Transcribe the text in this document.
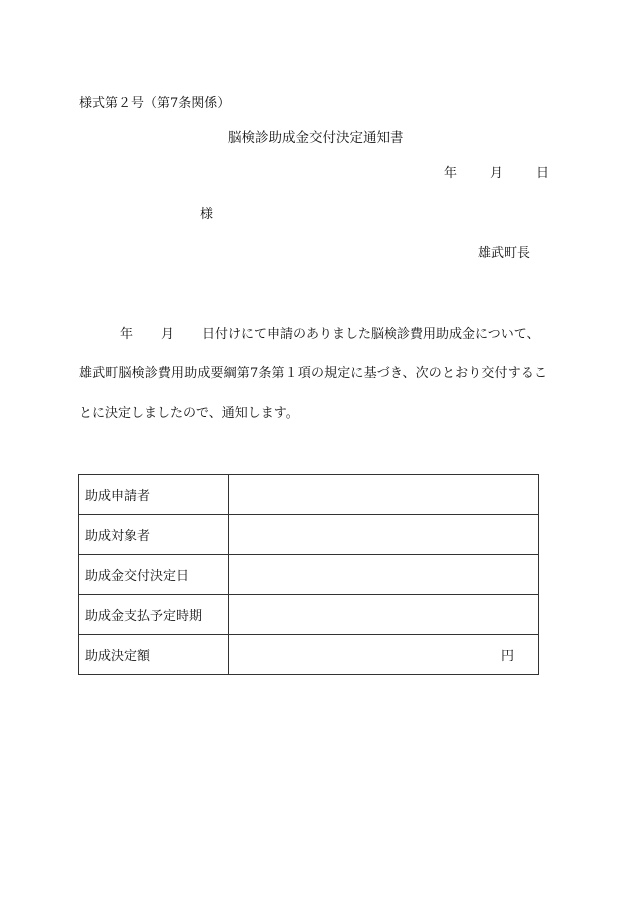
様式第２号（第7条関係）
脳検診助成金交付決定通知書
年	月	日
様
雄武町長
年 月 日付けにて申請のありました脳検診費用助成金について、
雄武町脳検診費用助成要綱第7条第１項の規定に基づき、次のとおり交付するこ
とに決定しましたので、通知します。
助成申請者	
助成対象者	
助成金交付決定日	
助成金支払予定時期	
助成決定額	円
